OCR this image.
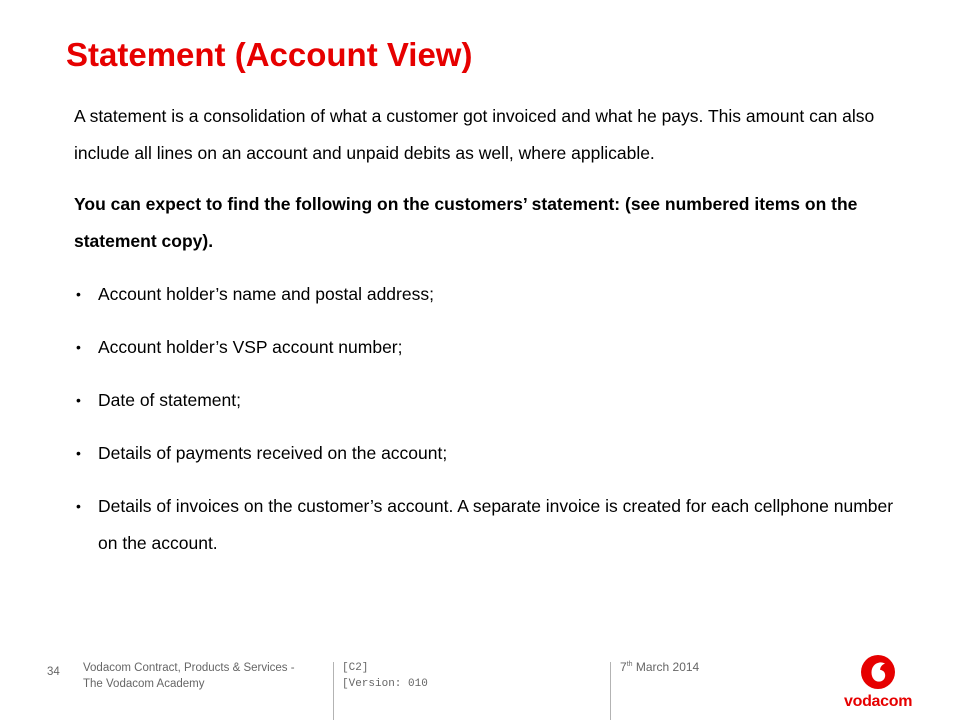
Statement (Account View)

A statement is a consolidation of what a customer got invoiced and what he pays. This amount can also include all lines on an account and unpaid debits as well, where applicable.

You can expect to find the following on the customers’ statement: (see numbered items on the statement copy).

• Account holder’s name and postal address;
• Account holder’s VSP account number;
• Date of statement;
• Details of payments received on the account;
• Details of invoices on the customer’s account. A separate invoice is created for each cellphone number on the account.
34 Vodacom Contract, Products & Services - The Vodacom Academy
[C2]
[Version: 010
7th March 2014
vodacom
